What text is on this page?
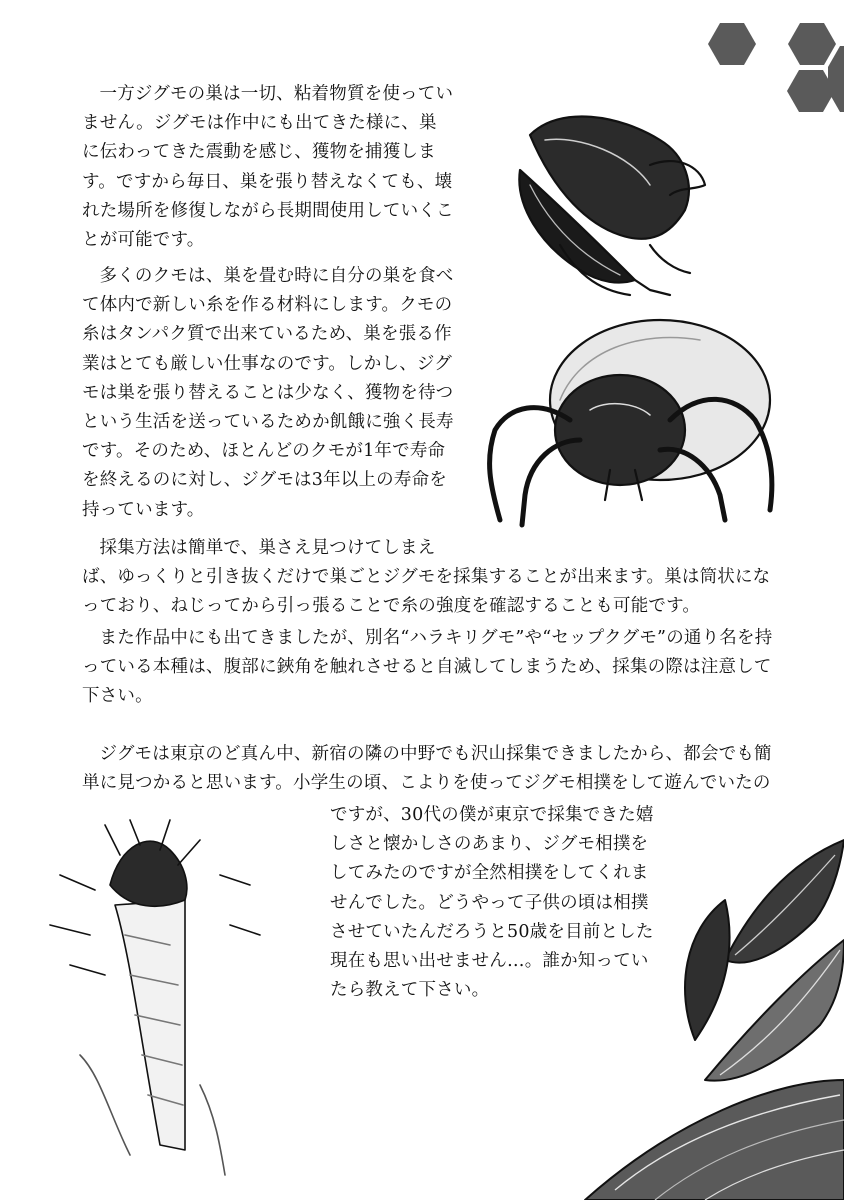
一方ジグモの巣は一切、粘着物質を使っていません。ジグモは作中にも出てきた様に、巣に伝わってきた震動を感じ、獲物を捕獲します。ですから毎日、巣を張り替えなくても、壊れた場所を修復しながら長期間使用していくことが可能です。

多くのクモは、巣を畳む時に自分の巣を食べて体内で新しい糸を作る材料にします。クモの糸はタンパク質で出来ているため、巣を張る作業はとても厳しい仕事なのです。しかし、ジグモは巣を張り替えることは少なく、獲物を待つという生活を送っているためか飢餓に強く長寿です。そのため、ほとんどのクモが1年で寿命を終えるのに対し、ジグモは3年以上の寿命を持っています。

採集方法は簡単で、巣さえ見つけてしまえ

ば、ゆっくりと引き抜くだけで巣ごとジグモを採集することが出来ます。巣は筒状になっており、ねじってから引っ張ることで糸の強度を確認することも可能です。

また作品中にも出てきましたが、別名“ハラキリグモ”や“セップクグモ”の通り名を持っている本種は、腹部に鋏角を触れさせると自滅してしまうため、採集の際は注意して下さい。

ジグモは東京のど真ん中、新宿の隣の中野でも沢山採集できましたから、都会でも簡単に見つかると思います。小学生の頃、こよりを使ってジグモ相撲をして遊んでいたの

ですが、30代の僕が東京で採集できた嬉しさと懐かしさのあまり、ジグモ相撲をしてみたのですが全然相撲をしてくれませんでした。どうやって子供の頃は相撲させていたんだろうと50歳を目前とした現在も思い出せません…。誰か知っていたら教えて下さい。
